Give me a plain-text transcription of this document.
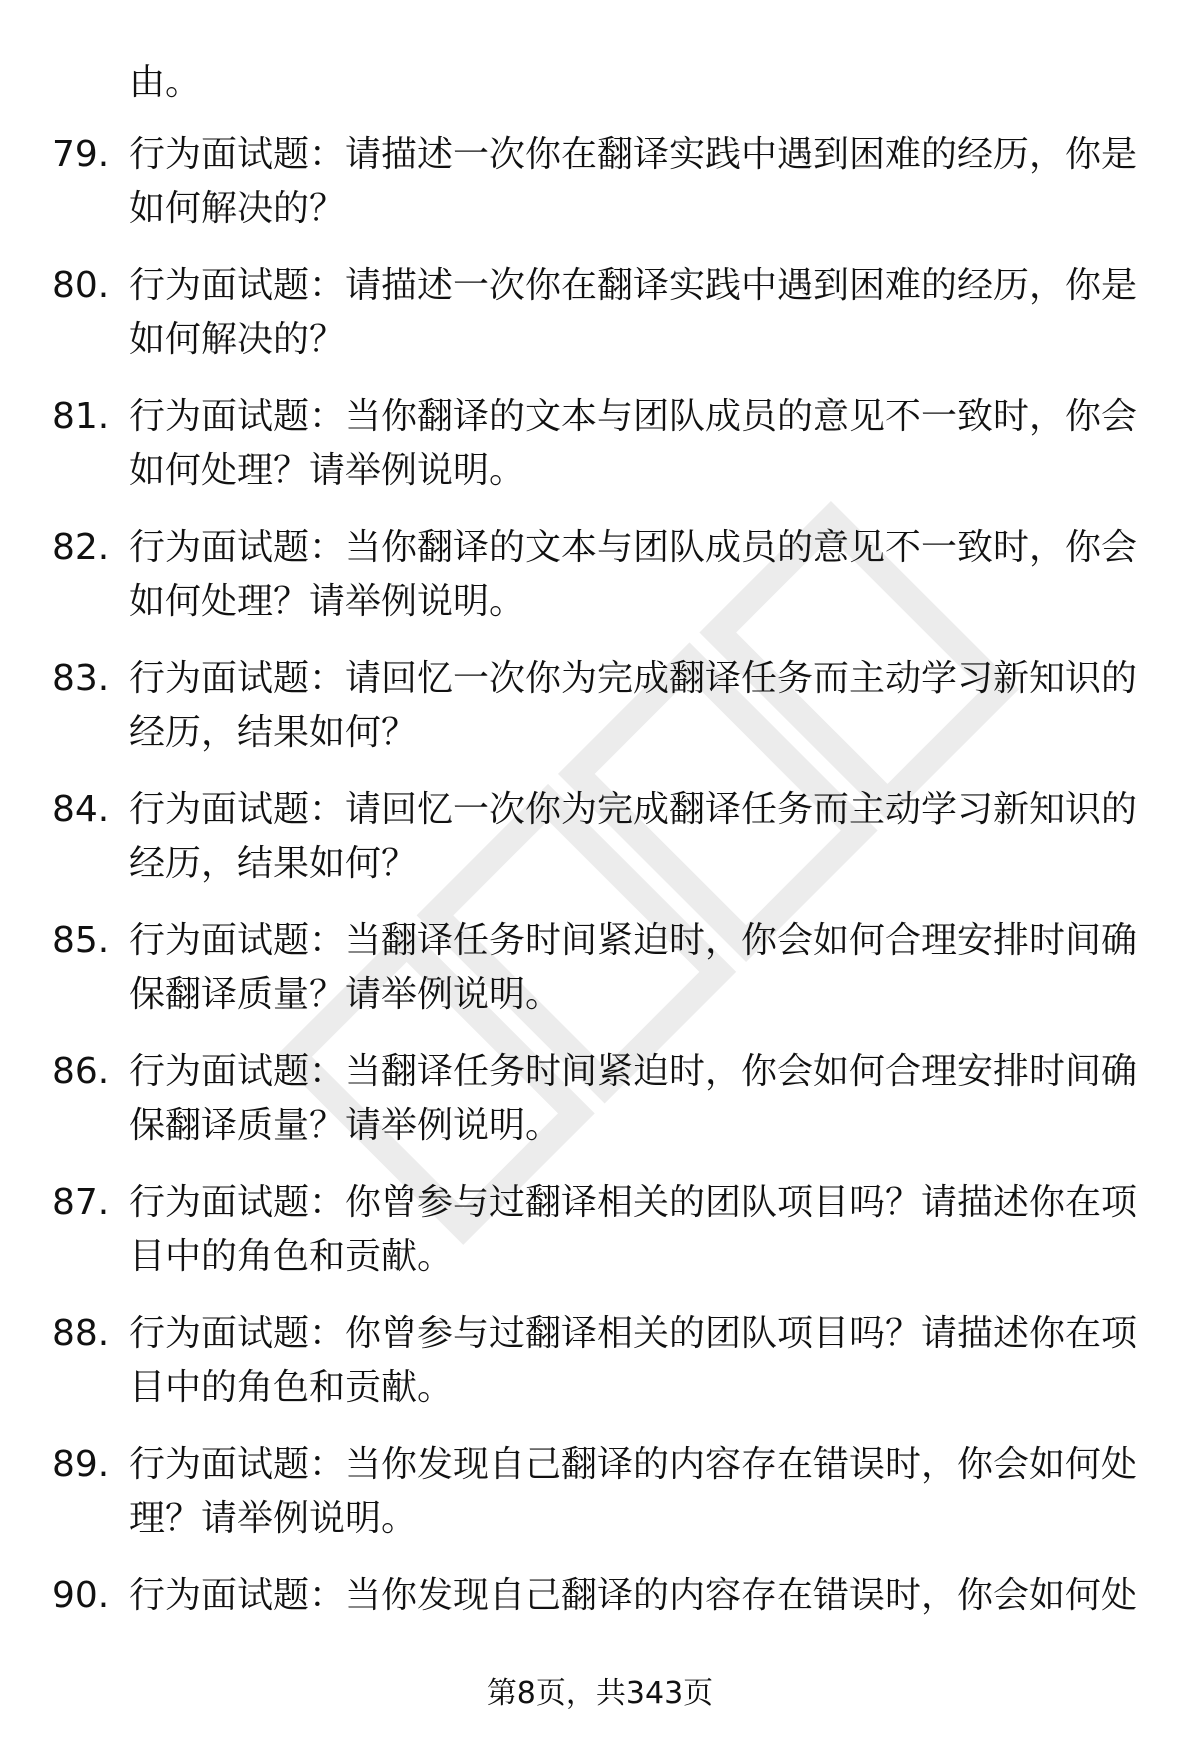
由。
79. 行为面试题：请描述一次你在翻译实践中遇到困难的经历，你是
如何解决的？
80. 行为面试题：请描述一次你在翻译实践中遇到困难的经历，你是
如何解决的？
81. 行为面试题：当你翻译的文本与团队成员的意见不一致时，你会
如何处理？请举例说明。
82. 行为面试题：当你翻译的文本与团队成员的意见不一致时，你会
如何处理？请举例说明。
83. 行为面试题：请回忆一次你为完成翻译任务而主动学习新知识的
经历，结果如何？
84. 行为面试题：请回忆一次你为完成翻译任务而主动学习新知识的
经历，结果如何？
85. 行为面试题：当翻译任务时间紧迫时，你会如何合理安排时间确
保翻译质量？请举例说明。
86. 行为面试题：当翻译任务时间紧迫时，你会如何合理安排时间确
保翻译质量？请举例说明。
87. 行为面试题：你曾参与过翻译相关的团队项目吗？请描述你在项
目中的角色和贡献。
88. 行为面试题：你曾参与过翻译相关的团队项目吗？请描述你在项
目中的角色和贡献。
89. 行为面试题：当你发现自己翻译的内容存在错误时，你会如何处
理？请举例说明。
90. 行为面试题：当你发现自己翻译的内容存在错误时，你会如何处
第8页，共343页
